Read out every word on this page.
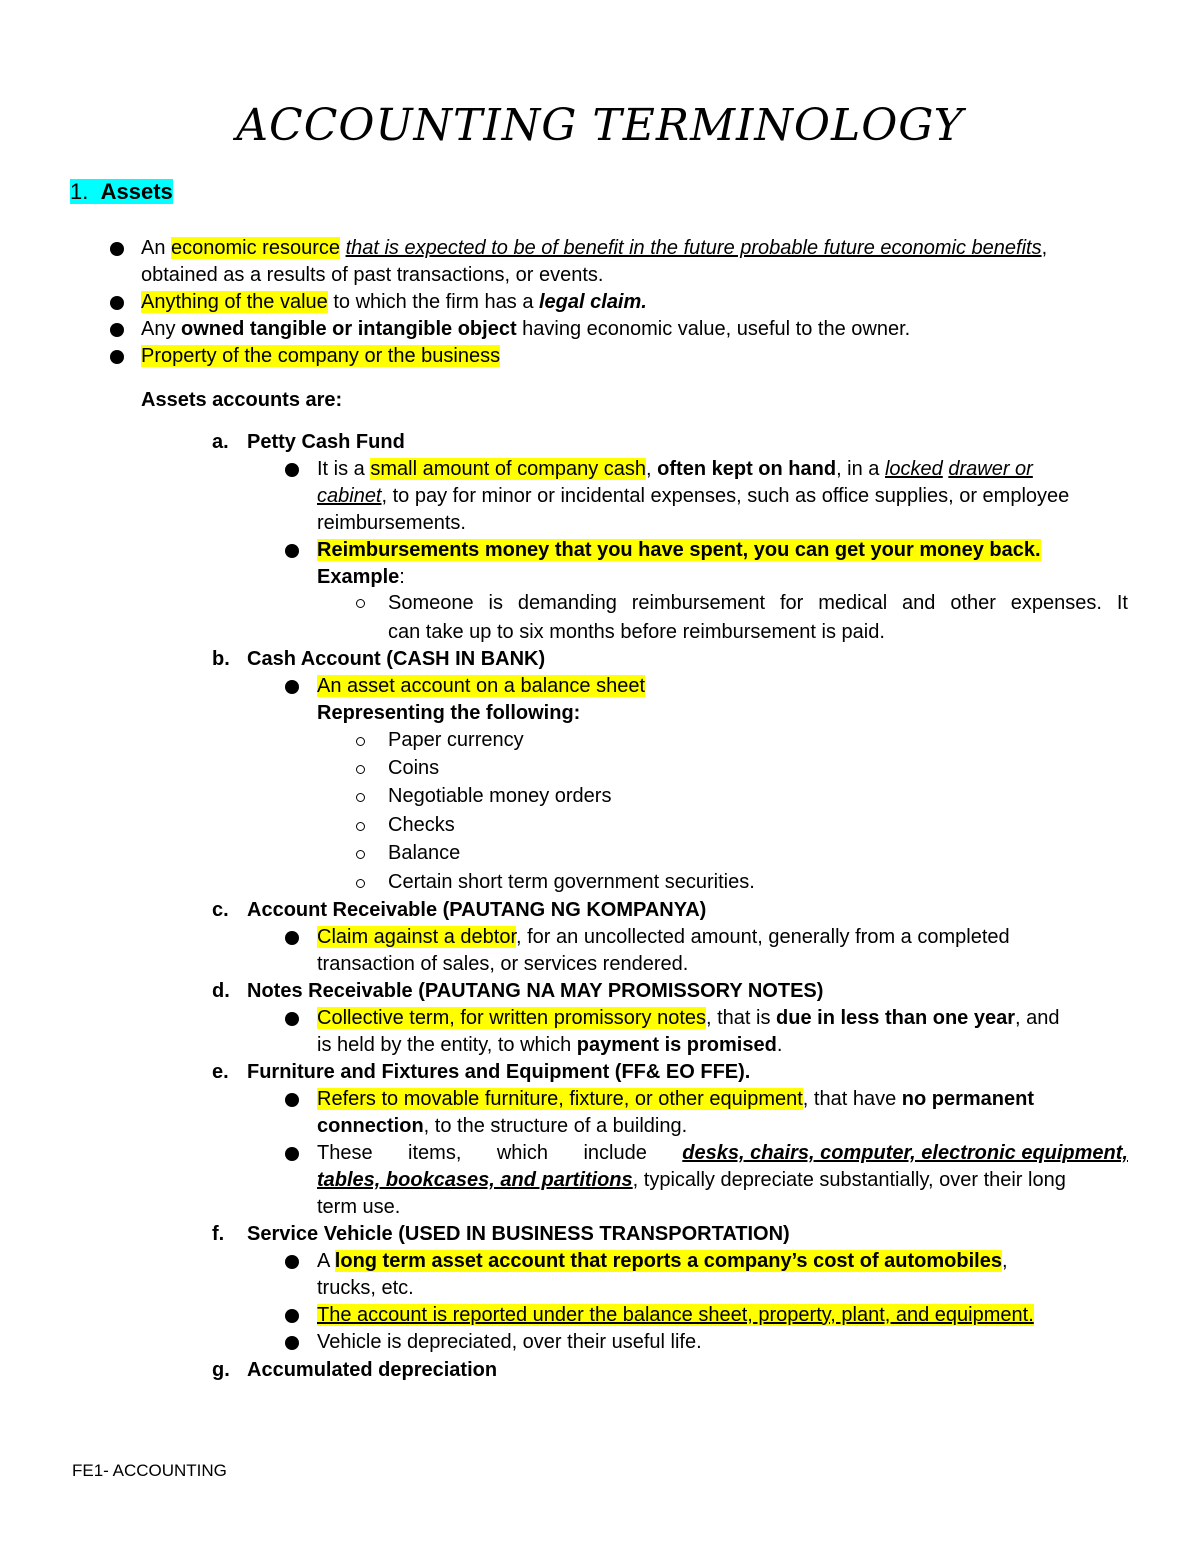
ACCOUNTING TERMINOLOGY
1. Assets
An economic resource that is expected to be of benefit in the future probable future economic benefits,
obtained as a results of past transactions, or events.
Anything of the value to which the firm has a legal claim.
Any owned tangible or intangible object having economic value, useful to the owner.
Property of the company or the business
Assets accounts are:
a. Petty Cash Fund
It is a small amount of company cash, often kept on hand, in a locked drawer or
cabinet, to pay for minor or incidental expenses, such as office supplies, or employee
reimbursements.
Reimbursements money that you have spent, you can get your money back.
Example:
Someone is demanding reimbursement for medical and other expenses. It
can take up to six months before reimbursement is paid.
b. Cash Account (CASH IN BANK)
An asset account on a balance sheet
Representing the following:
Paper currency
Coins
Negotiable money orders
Checks
Balance
Certain short term government securities.
c. Account Receivable (PAUTANG NG KOMPANYA)
Claim against a debtor, for an uncollected amount, generally from a completed
transaction of sales, or services rendered.
d. Notes Receivable (PAUTANG NA MAY PROMISSORY NOTES)
Collective term, for written promissory notes, that is due in less than one year, and
is held by the entity, to which payment is promised.
e. Furniture and Fixtures and Equipment (FF& EO FFE).
Refers to movable furniture, fixture, or other equipment, that have no permanent
connection, to the structure of a building.
These items, which include desks, chairs, computer, electronic equipment,
tables, bookcases, and partitions, typically depreciate substantially, over their long
term use.
f. Service Vehicle (USED IN BUSINESS TRANSPORTATION)
A long term asset account that reports a company’s cost of automobiles,
trucks, etc.
The account is reported under the balance sheet, property, plant, and equipment.
Vehicle is depreciated, over their useful life.
g. Accumulated depreciation
FE1- ACCOUNTING
